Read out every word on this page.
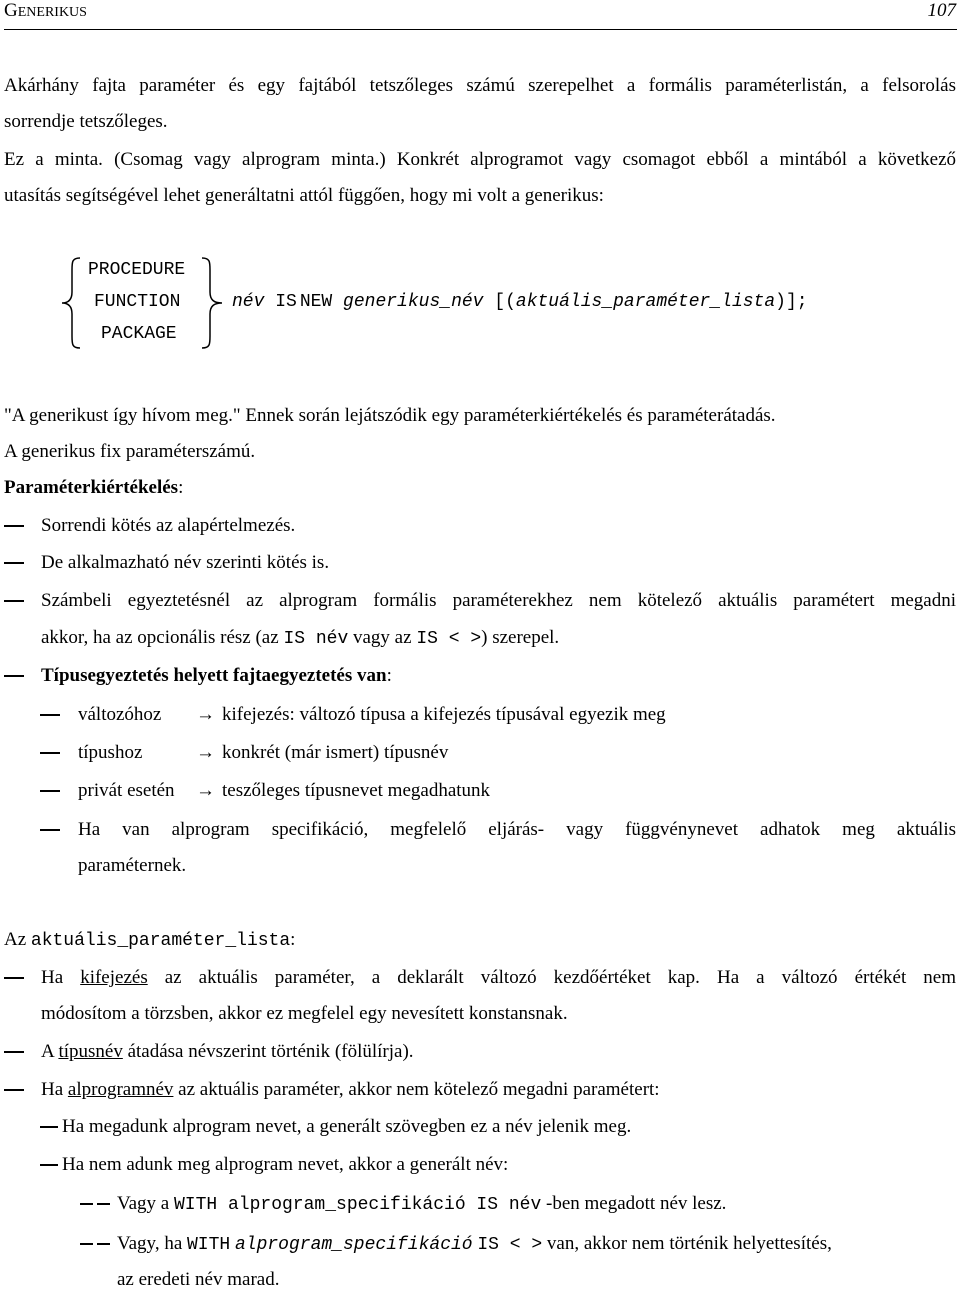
GENERIKUS	107
Akárhány fajta paraméter és egy fajtából tetszőleges számú szerepelhet a formális paraméterlistán, a felsorolás
sorrendje tetszőleges.
Ez a minta. (Csomag vagy alprogram minta.) Konkrét alprogramot vagy csomagot ebből a mintából a következő
utasítás segítségével lehet generáltatni attól függően, hogy mi volt a generikus:
PROCEDURE
FUNCTION
PACKAGE
név IS NEW generikus_név [(aktuális_paraméter_lista)];
"A generikust így hívom meg." Ennek során lejátszódik egy paraméterkiértékelés és paraméterátadás.
A generikus fix paraméterszámú.
Paraméterkiértékelés:
Sorrendi kötés az alapértelmezés.
De alkalmazható név szerinti kötés is.
Számbeli egyeztetésnél az alprogram formális paraméterekhez nem kötelező aktuális paramétert megadni
akkor, ha az opcionális rész (az IS név vagy az IS < >) szerepel.
Típusegyeztetés helyett fajtaegyeztetés van:
változóhoz → kifejezés: változó típusa a kifejezés típusával egyezik meg
típushoz	→ konkrét (már ismert) típusnév
privát esetén → teszőleges típusnevet megadhatunk
Ha van alprogram specifikáció, megfelelő eljárás- vagy függvénynevet adhatok meg aktuális
paraméternek.
Az aktuális_paraméter_lista:
Ha kifejezés az aktuális paraméter, a deklarált változó kezdőértéket kap. Ha a változó értékét nem
módosítom a törzsben, akkor ez megfelel egy nevesített konstansnak.
A típusnév átadása névszerint történik (fölülírja).
Ha alprogramnév az aktuális paraméter, akkor nem kötelező megadni paramétert:
Ha megadunk alprogram nevet, a generált szövegben ez a név jelenik meg.
Ha nem adunk meg alprogram nevet, akkor a generált név:
Vagy a WITH alprogram_specifikáció IS név -ben megadott név lesz.
Vagy, ha WITH alprogram_specifikáció IS < > van, akkor nem történik helyettesítés,
az eredeti név marad.
